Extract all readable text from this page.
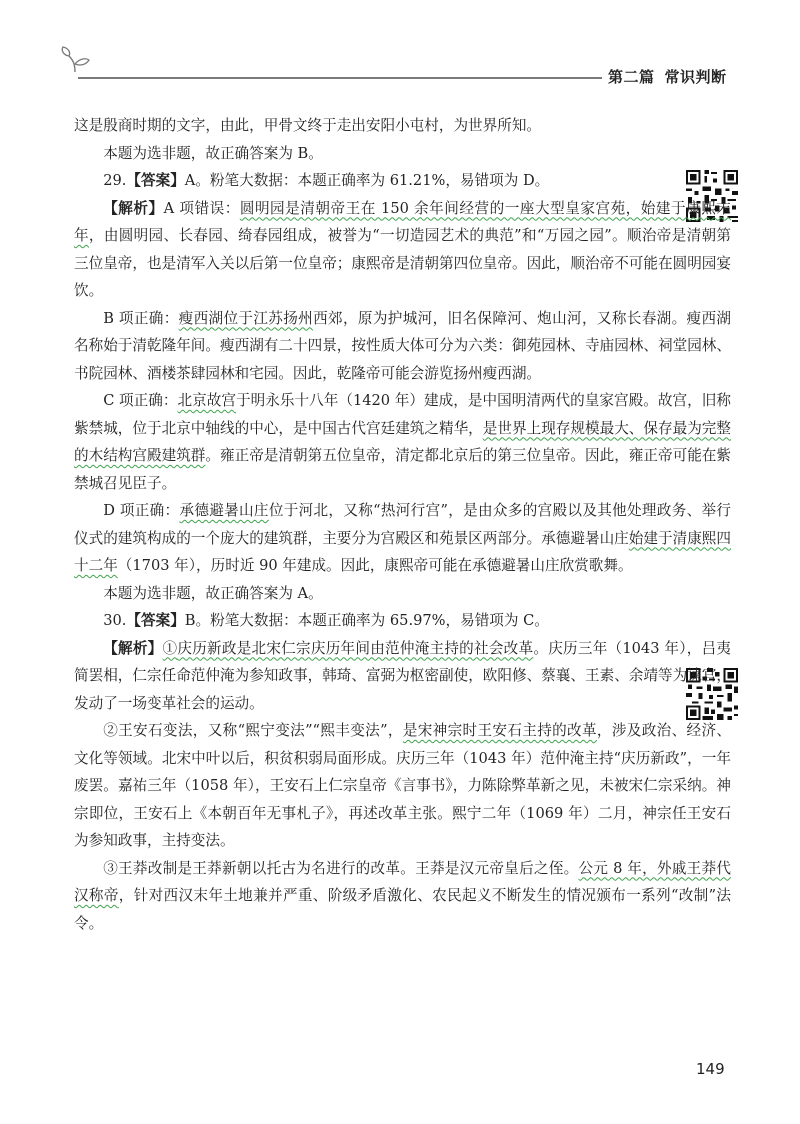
第二篇 常识判断

这是殷商时期的文字，由此，甲骨文终于走出安阳小屯村，为世界所知。

本题为选非题，故正确答案为 B。

29.【答案】A。粉笔大数据：本题正确率为 61.21%，易错项为 D。

【解析】A 项错误：圆明园是清朝帝王在 150 余年间经营的一座大型皇家宫苑，始建于康熙末年，由圆明园、长春园、绮春园组成，被誉为“一切造园艺术的典范”和“万园之园”。顺治帝是清朝第三位皇帝，也是清军入关以后第一位皇帝；康熙帝是清朝第四位皇帝。因此，顺治帝不可能在圆明园宴饮。

B 项正确：瘦西湖位于江苏扬州西郊，原为护城河，旧名保障河、炮山河，又称长春湖。瘦西湖名称始于清乾隆年间。瘦西湖有二十四景，按性质大体可分为六类：御苑园林、寺庙园林、祠堂园林、书院园林、酒楼茶肆园林和宅园。因此，乾隆帝可能会游览扬州瘦西湖。

C 项正确：北京故宫于明永乐十八年（1420 年）建成，是中国明清两代的皇家宫殿。故宫，旧称紫禁城，位于北京中轴线的中心，是中国古代宫廷建筑之精华，是世界上现存规模最大、保存最为完整的木结构宫殿建筑群。雍正帝是清朝第五位皇帝，清定都北京后的第三位皇帝。因此，雍正帝可能在紫禁城召见臣子。

D 项正确：承德避暑山庄位于河北，又称“热河行宫”，是由众多的宫殿以及其他处理政务、举行仪式的建筑构成的一个庞大的建筑群，主要分为宫殿区和苑景区两部分。承德避暑山庄始建于清康熙四十二年（1703 年），历时近 90 年建成。因此，康熙帝可能在承德避暑山庄欣赏歌舞。

本题为选非题，故正确答案为 A。

30.【答案】B。粉笔大数据：本题正确率为 65.97%，易错项为 C。

【解析】①庆历新政是北宋仁宗庆历年间由范仲淹主持的社会改革。庆历三年（1043 年），吕夷简罢相，仁宗任命范仲淹为参知政事，韩琦、富弼为枢密副使，欧阳修、蔡襄、王素、余靖等为谏官，发动了一场变革社会的运动。

②王安石变法，又称“熙宁变法”“熙丰变法”，是宋神宗时王安石主持的改革，涉及政治、经济、文化等领域。北宋中叶以后，积贫积弱局面形成。庆历三年（1043 年）范仲淹主持“庆历新政”，一年废罢。嘉祐三年（1058 年），王安石上仁宗皇帝《言事书》，力陈除弊革新之见，未被宋仁宗采纳。神宗即位，王安石上《本朝百年无事札子》，再述改革主张。熙宁二年（1069 年）二月，神宗任王安石为参知政事，主持变法。

③王莽改制是王莽新朝以托古为名进行的改革。王莽是汉元帝皇后之侄。公元 8 年，外戚王莽代汉称帝，针对西汉末年土地兼并严重、阶级矛盾激化、农民起义不断发生的情况颁布一系列“改制”法令。

149
